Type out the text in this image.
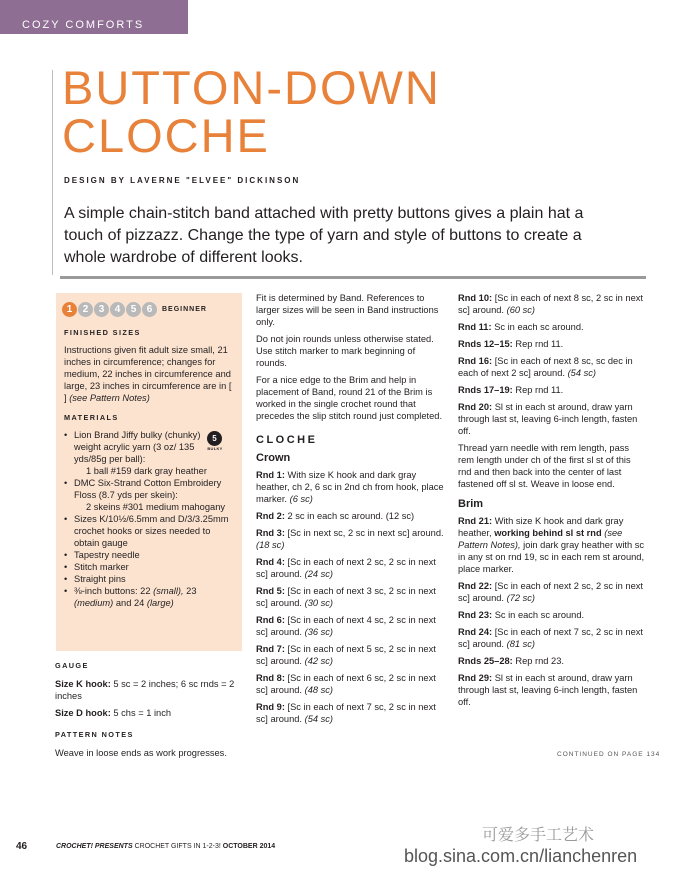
COZY COMFORTS
BUTTON-DOWN
CLOCHE
DESIGN BY LAVERNE "ELVEE" DICKINSON
A simple chain-stitch band attached with pretty buttons gives a plain hat a touch of pizzazz. Change the type of yarn and style of buttons to create a whole wardrobe of different looks.
1	2	3	4	5	6	BEGINNER
FINISHED SIZES

Instructions given fit adult size small, 21 inches in circumference; changes for medium, 22 inches in circumference and large, 23 inches in circumference are in [ ] (see Pattern Notes)

MATERIALS
• Lion Brand Jiffy bulky (chunky) weight acrylic yarn (3 oz/ 135 yds/85g per ball):

1 ball #159 dark gray heather
• DMC Six-Strand Cotton Embroidery Floss (8.7 yds per skein):

2 skeins #301 medium mahogany
• Sizes K/10½/6.5mm and D/3/3.25mm crochet hooks or sizes needed to obtain gauge
• Tapestry needle
• Stitch marker
• Straight pins
• ⅜-inch buttons: 22 (small), 23 (medium) and 24 (large)
5
BULKY
GAUGE

Size K hook: 5 sc = 2 inches; 6 sc rnds = 2 inches

Size D hook: 5 chs = 1 inch

PATTERN NOTES

Weave in loose ends as work progresses.

Fit is determined by Band. References to larger sizes will be seen in Band instructions only.

Do not join rounds unless otherwise stated. Use stitch marker to mark beginning of rounds.

For a nice edge to the Brim and help in placement of Band, round 21 of the Brim is worked in the single crochet round that precedes the slip stitch round just completed.

CLOCHE
Crown

Rnd 1: With size K hook and dark gray heather, ch 2, 6 sc in 2nd ch from hook, place marker. (6 sc)

Rnd 2: 2 sc in each sc around. (12 sc)

Rnd 3: [Sc in next sc, 2 sc in next sc] around. (18 sc)

Rnd 4: [Sc in each of next 2 sc, 2 sc in next sc] around. (24 sc)

Rnd 5: [Sc in each of next 3 sc, 2 sc in next sc] around. (30 sc)

Rnd 6: [Sc in each of next 4 sc, 2 sc in next sc] around. (36 sc)

Rnd 7: [Sc in each of next 5 sc, 2 sc in next sc] around. (42 sc)

Rnd 8: [Sc in each of next 6 sc, 2 sc in next sc] around. (48 sc)

Rnd 9: [Sc in each of next 7 sc, 2 sc in next sc] around. (54 sc)

Rnd 10: [Sc in each of next 8 sc, 2 sc in next sc] around. (60 sc)

Rnd 11: Sc in each sc around.

Rnds 12–15: Rep rnd 11.

Rnd 16: [Sc in each of next 8 sc, sc dec in each of next 2 sc] around. (54 sc)

Rnds 17–19: Rep rnd 11.

Rnd 20: Sl st in each st around, draw yarn through last st, leaving 6-inch length, fasten off.

Thread yarn needle with rem length, pass rem length under ch of the first sl st of this rnd and then back into the center of last fastened off sl st. Weave in loose end.

Brim

Rnd 21: With size K hook and dark gray heather, working behind sl st rnd (see Pattern Notes), join dark gray heather with sc in any st on rnd 19, sc in each rem st around, place marker.

Rnd 22: [Sc in each of next 2 sc, 2 sc in next sc] around. (72 sc)

Rnd 23: Sc in each sc around.

Rnd 24: [Sc in each of next 7 sc, 2 sc in next sc] around. (81 sc)

Rnds 25–28: Rep rnd 23.

Rnd 29: Sl st in each st around, draw yarn through last st, leaving 6-inch length, fasten off.

CONTINUED ON PAGE 134
46	CROCHET! PRESENTS CROCHET GIFTS IN 1-2-3! OCTOBER 2014
可爱多手工艺术
blog.sina.com.cn/lianchenren
